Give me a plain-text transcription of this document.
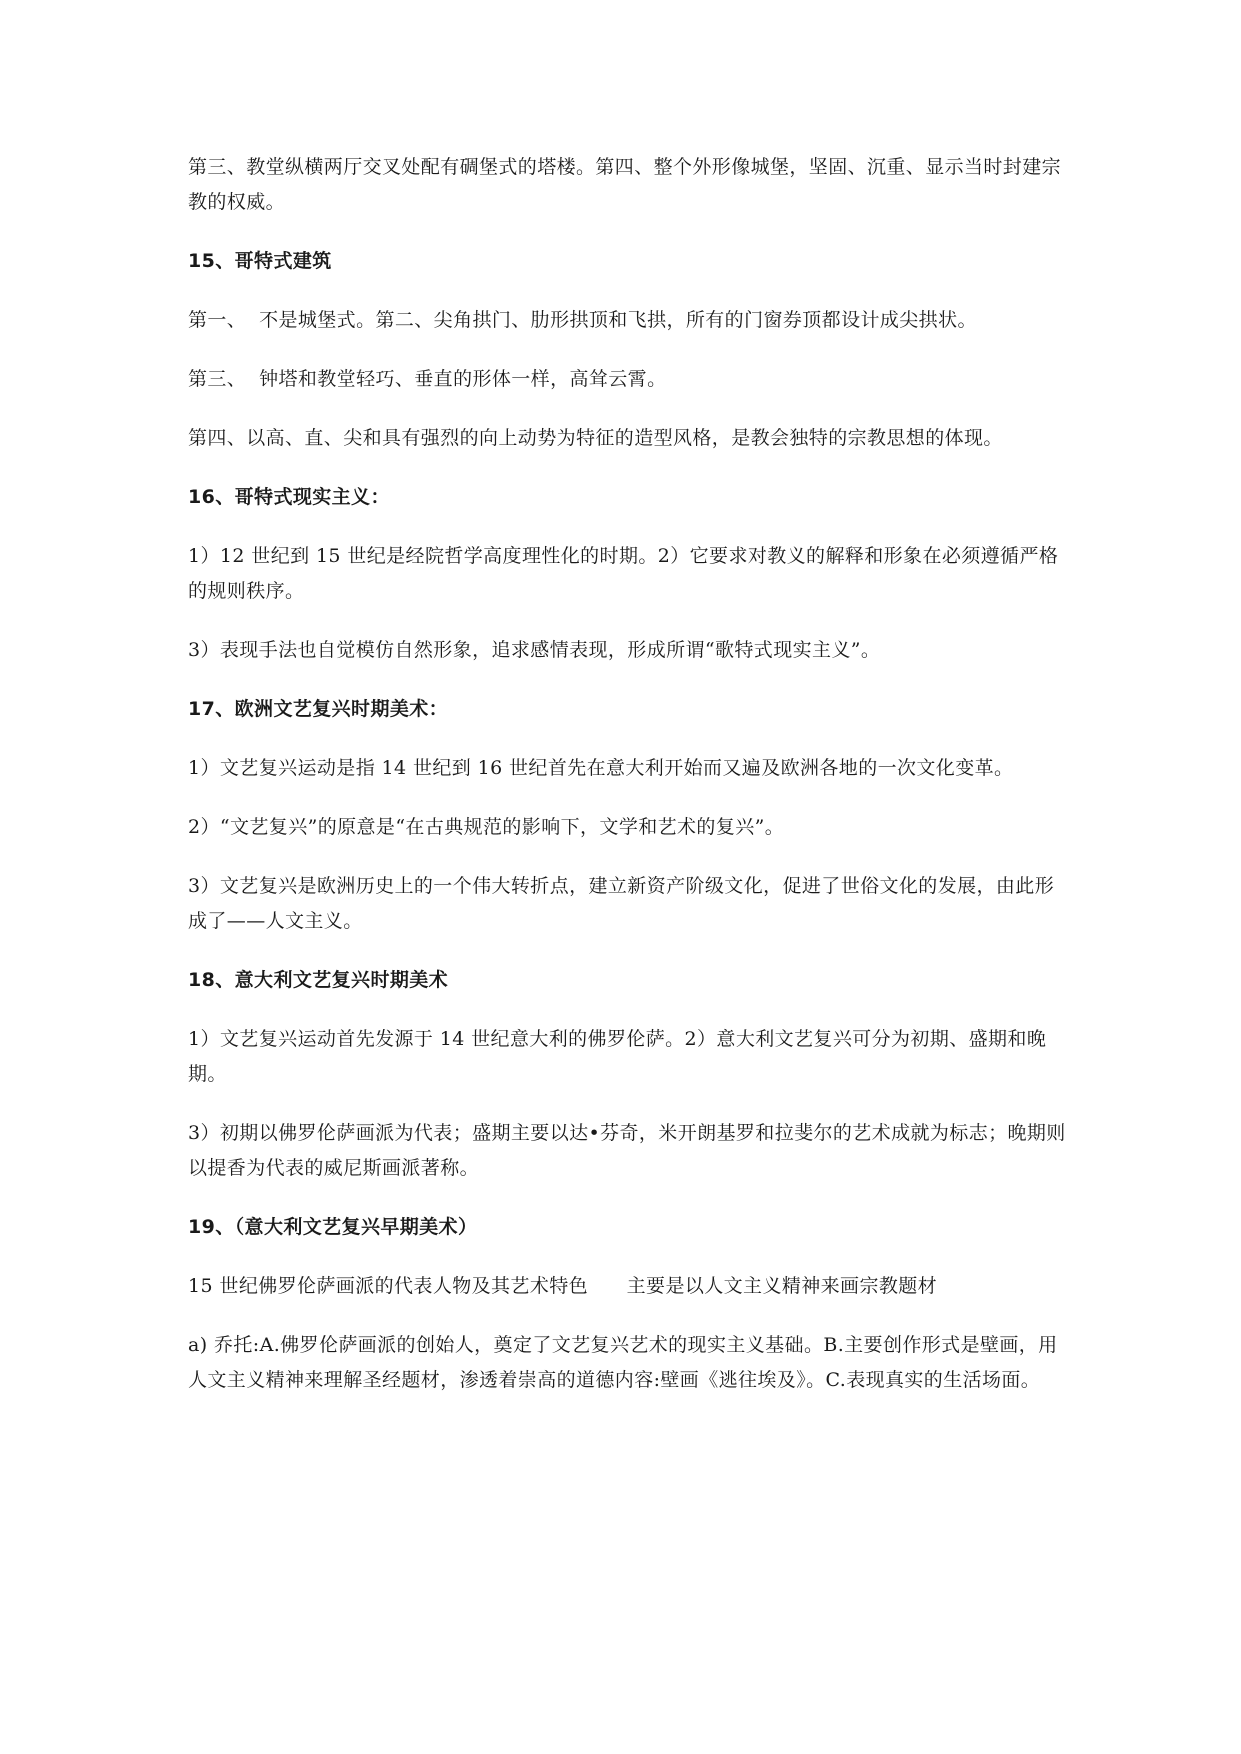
第三、教堂纵横两厅交叉处配有碉堡式的塔楼。第四、整个外形像城堡，坚固、沉重、显示当时封建宗教的权威。

15、哥特式建筑

第一、  不是城堡式。第二、尖角拱门、肋形拱顶和飞拱，所有的门窗券顶都设计成尖拱状。

第三、  钟塔和教堂轻巧、垂直的形体一样，高耸云霄。

第四、以高、直、尖和具有强烈的向上动势为特征的造型风格，是教会独特的宗教思想的体现。

16、哥特式现实主义：

1）12 世纪到 15 世纪是经院哲学高度理性化的时期。2）它要求对教义的解释和形象在必须遵循严格的规则秩序。

3）表现手法也自觉模仿自然形象，追求感情表现，形成所谓“歌特式现实主义”。

17、欧洲文艺复兴时期美术：

1）文艺复兴运动是指 14 世纪到 16 世纪首先在意大利开始而又遍及欧洲各地的一次文化变革。

2）“文艺复兴”的原意是“在古典规范的影响下，文学和艺术的复兴”。

3）文艺复兴是欧洲历史上的一个伟大转折点，建立新资产阶级文化，促进了世俗文化的发展，由此形成了——人文主义。

18、意大利文艺复兴时期美术

1）文艺复兴运动首先发源于 14 世纪意大利的佛罗伦萨。2）意大利文艺复兴可分为初期、盛期和晚期。

3）初期以佛罗伦萨画派为代表；盛期主要以达•芬奇，米开朗基罗和拉斐尔的艺术成就为标志；晚期则以提香为代表的威尼斯画派著称。

19、（意大利文艺复兴早期美术）

15 世纪佛罗伦萨画派的代表人物及其艺术特色      主要是以人文主义精神来画宗教题材

a) 乔托:A.佛罗伦萨画派的创始人，奠定了文艺复兴艺术的现实主义基础。B.主要创作形式是壁画，用人文主义精神来理解圣经题材，渗透着崇高的道德内容:壁画《逃往埃及》。C.表现真实的生活场面。
